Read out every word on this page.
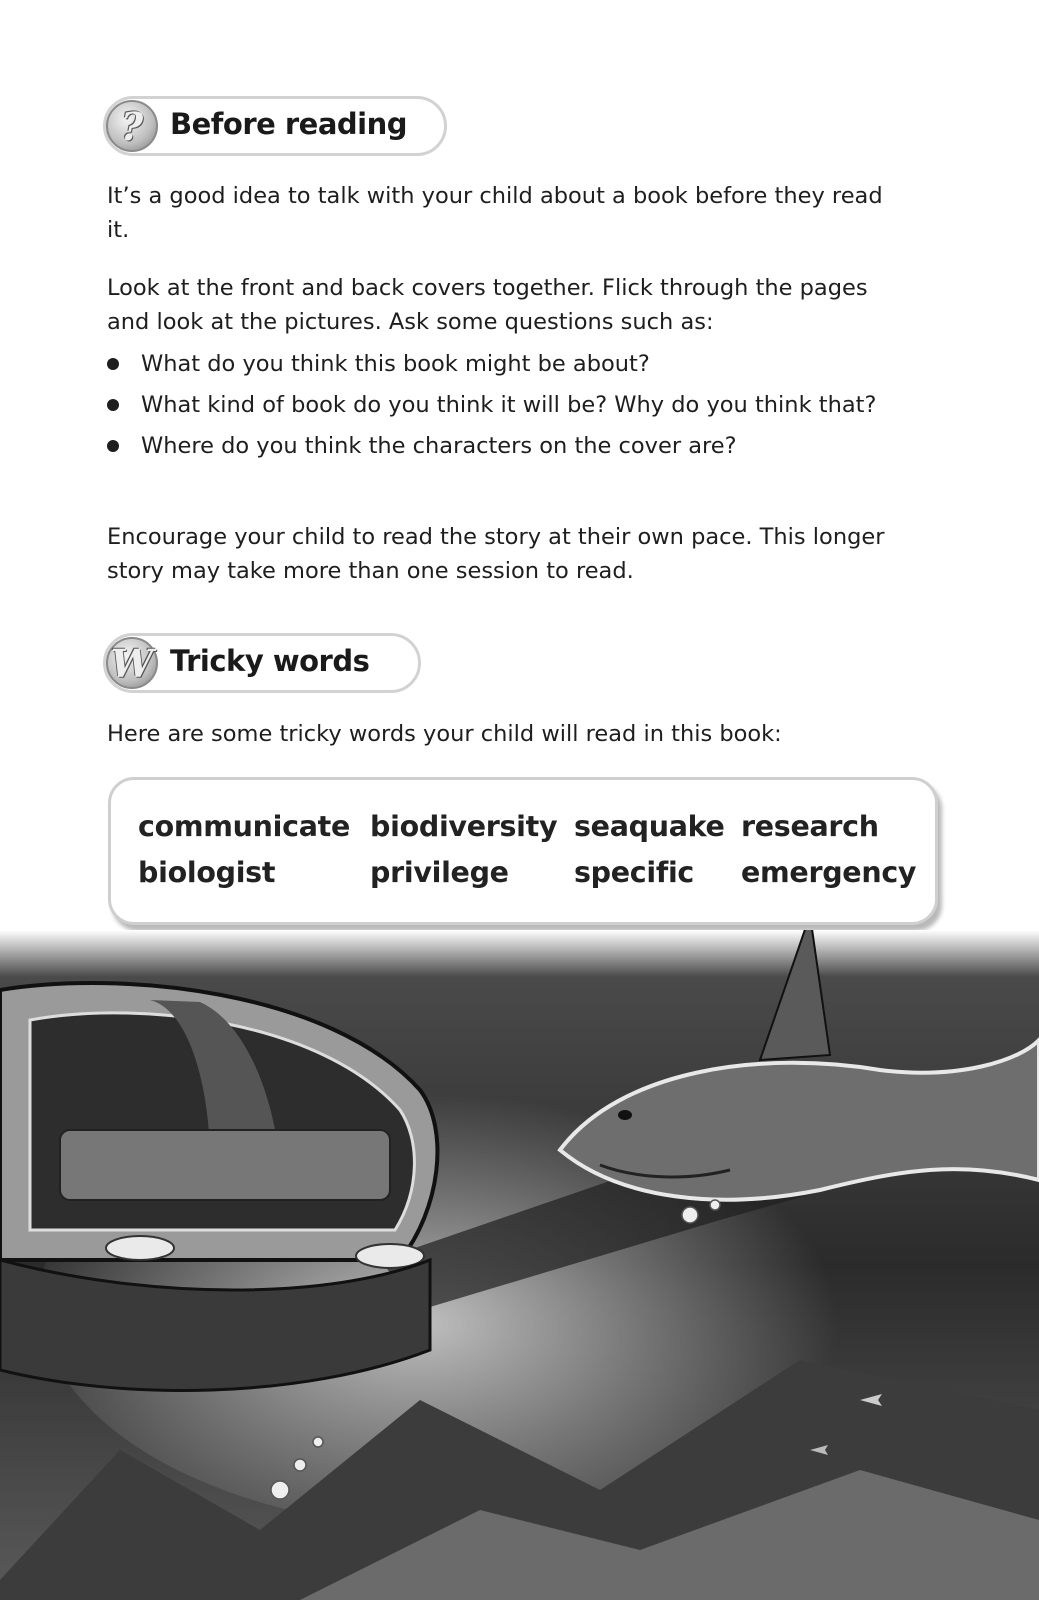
? Before reading

It’s a good idea to talk with your child about a book before they read it.

Look at the front and back covers together. Flick through the pages and look at the pictures. Ask some questions such as:

What do you think this book might be about?
What kind of book do you think it will be? Why do you think that?
Where do you think the characters on the cover are?

Encourage your child to read the story at their own pace. This longer story may take more than one session to read.

W Tricky words

Here are some tricky words your child will read in this book:

communicate biodiversity seaquake research
biologist	privilege specific emergency
